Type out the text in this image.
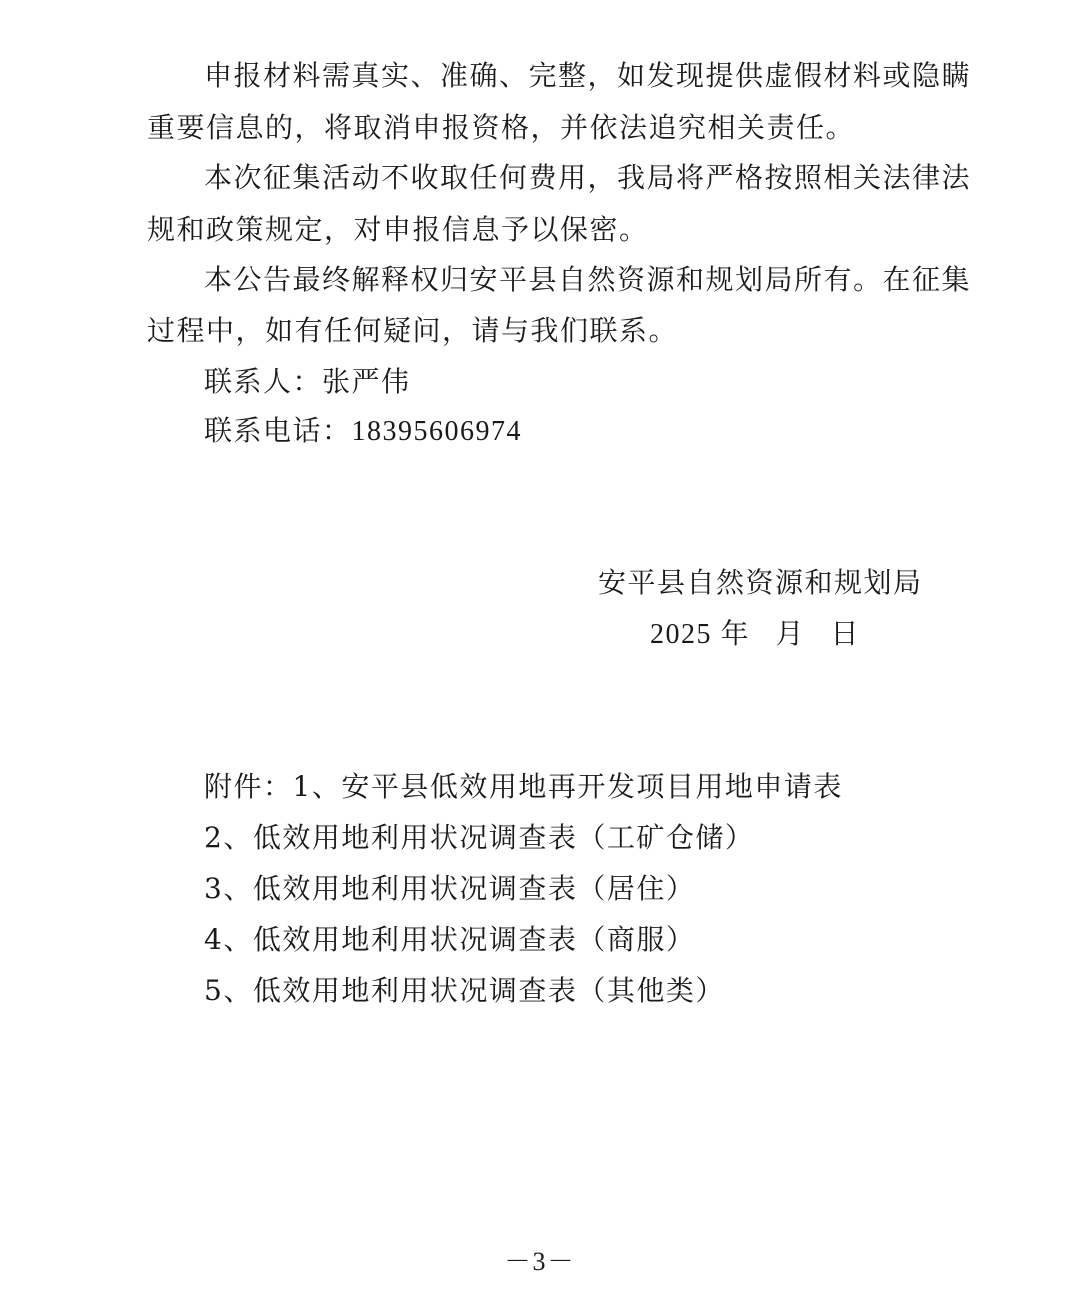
申报材料需真实、准确、完整，如发现提供虚假材料或隐瞒
重要信息的，将取消申报资格，并依法追究相关责任。
本次征集活动不收取任何费用，我局将严格按照相关法律法
规和政策规定，对申报信息予以保密。
本公告最终解释权归安平县自然资源和规划局所有。在征集
过程中，如有任何疑问，请与我们联系。
联系人：张严伟
联系电话：18395606974
安平县自然资源和规划局
2025 年   月   日
附件：1、安平县低效用地再开发项目用地申请表
2、低效用地利用状况调查表（工矿仓储）
3、低效用地利用状况调查表（居住）
4、低效用地利用状况调查表（商服）
5、低效用地利用状况调查表（其他类）
－3－
